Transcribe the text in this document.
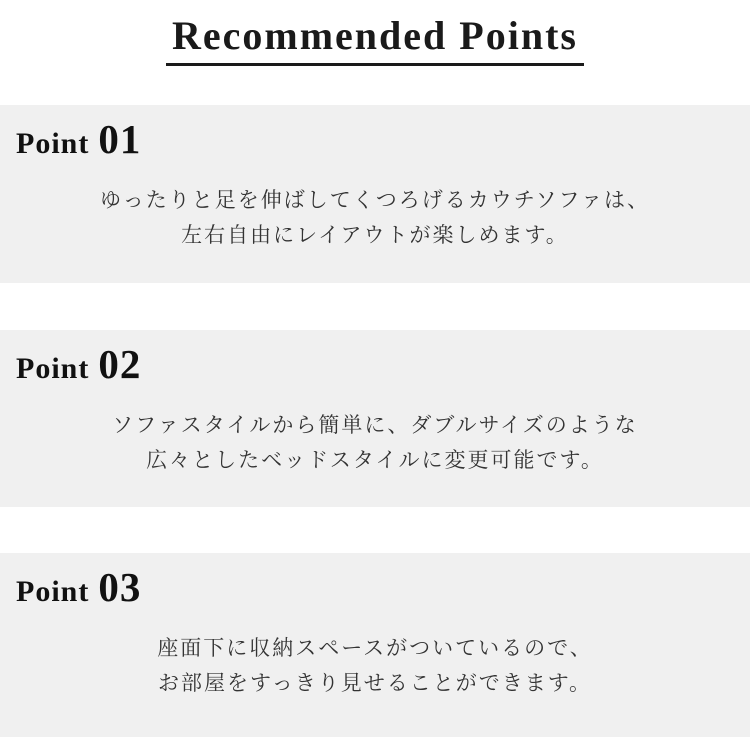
Recommended Points
Point 01
ゆったりと足を伸ばしてくつろげるカウチソファは、
左右自由にレイアウトが楽しめます。
Point 02
ソファスタイルから簡単に、ダブルサイズのような
広々としたベッドスタイルに変更可能です。
Point 03
座面下に収納スペースがついているので、
お部屋をすっきり見せることができます。
